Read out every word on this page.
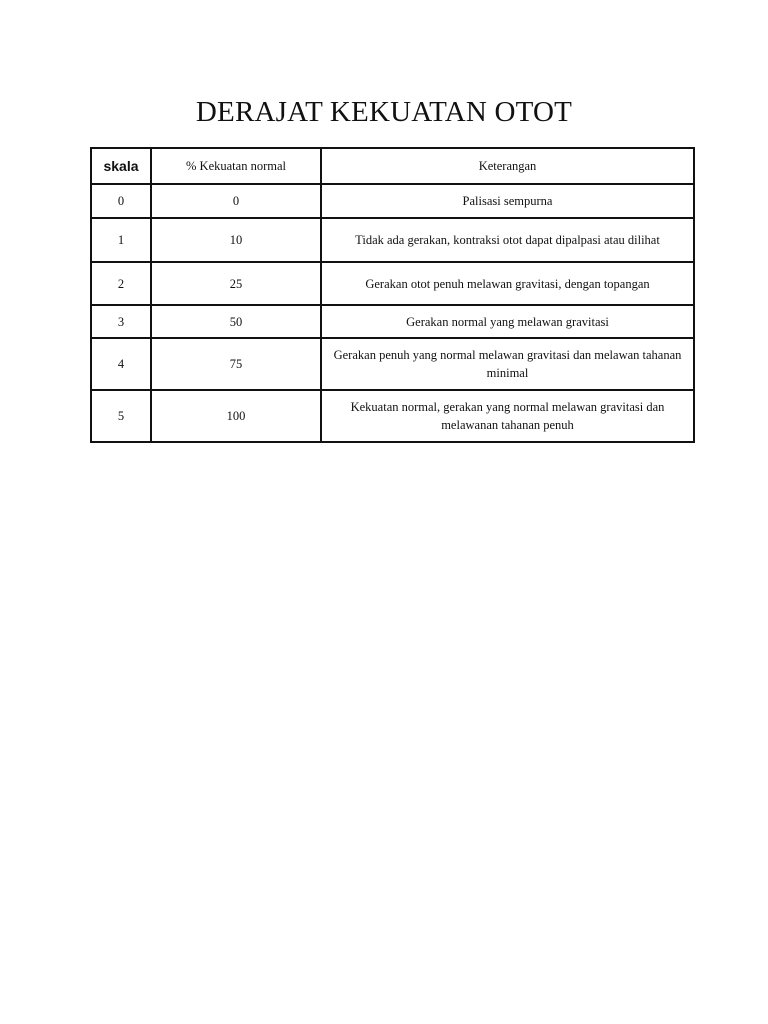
DERAJAT KEKUATAN OTOT
skala	% Kekuatan normal	Keterangan
0	0	Palisasi sempurna
1	10	Tidak ada gerakan, kontraksi otot dapat dipalpasi atau dilihat
2	25	Gerakan otot penuh melawan gravitasi, dengan topangan
3	50	Gerakan normal yang melawan gravitasi
4	75	Gerakan penuh yang normal melawan gravitasi dan melawan tahanan minimal
5	100	Kekuatan normal, gerakan yang normal melawan gravitasi dan melawanan tahanan penuh
